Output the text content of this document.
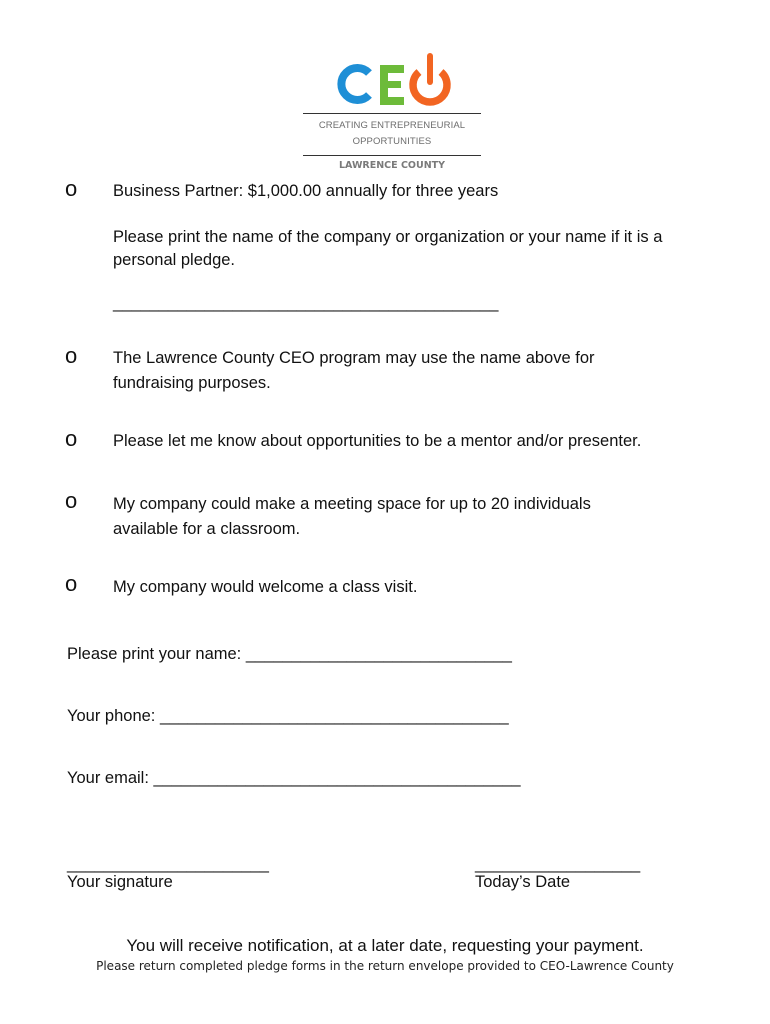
CREATING ENTREPRENEURIAL
OPPORTUNITIES
LAWRENCE COUNTY
o Business Partner: $1,000.00 annually for three years
Please print the name of the company or organization or your name if it is a personal pledge.
__________________________________________
o The Lawrence County CEO program may use the name above for fundraising purposes.
o Please let me know about opportunities to be a mentor and/or presenter.
o My company could make a meeting space for up to 20 individuals available for a classroom.
o My company would welcome a class visit.
Please print your name: _____________________________
Your phone: ______________________________________
Your email: ________________________________________
______________________
Your signature
__________________
Today’s Date
You will receive notification, at a later date, requesting your payment.
Please return completed pledge forms in the return envelope provided to CEO-Lawrence County
